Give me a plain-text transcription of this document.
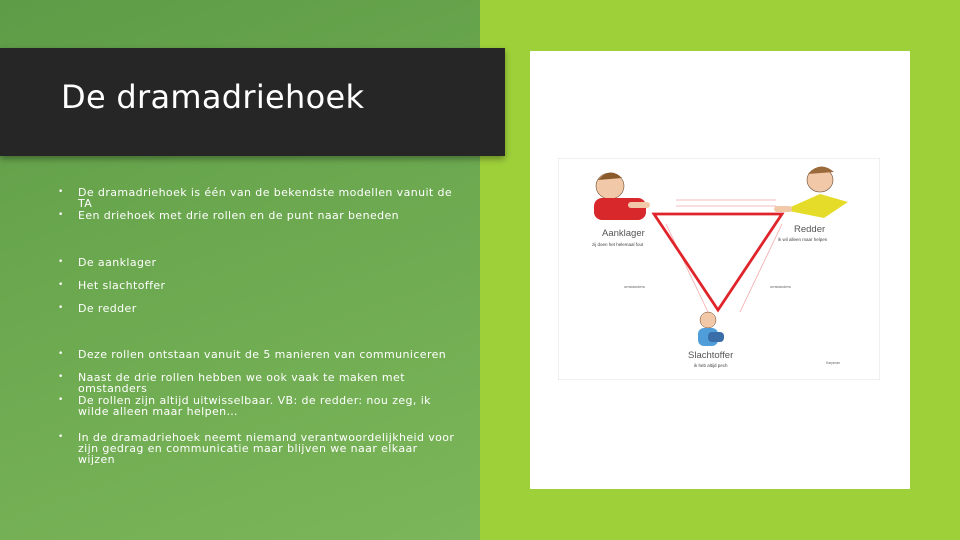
De dramadriehoek
• De dramadriehoek is één van de bekendste modellen vanuit de TA
• Een driehoek met drie rollen en de punt naar beneden
• De aanklager
• Het slachtoffer
• De redder
• Deze rollen ontstaan vanuit de 5 manieren van communiceren
• Naast de drie rollen hebben we ook vaak te maken met omstanders
• De rollen zijn altijd uitwisselbaar. VB: de redder: nou zeg, ik wilde alleen maar helpen…
• In de dramadriehoek neemt niemand verantwoordelijkheid voor zijn gedrag en communicatie maar blijven we naar elkaar wijzen
Aanklager
zij doen het helemaal fout
Redder
ik wil alleen maar helpen
Slachtoffer
ik heb altijd pech
omstanders	omstanders
Karpman
